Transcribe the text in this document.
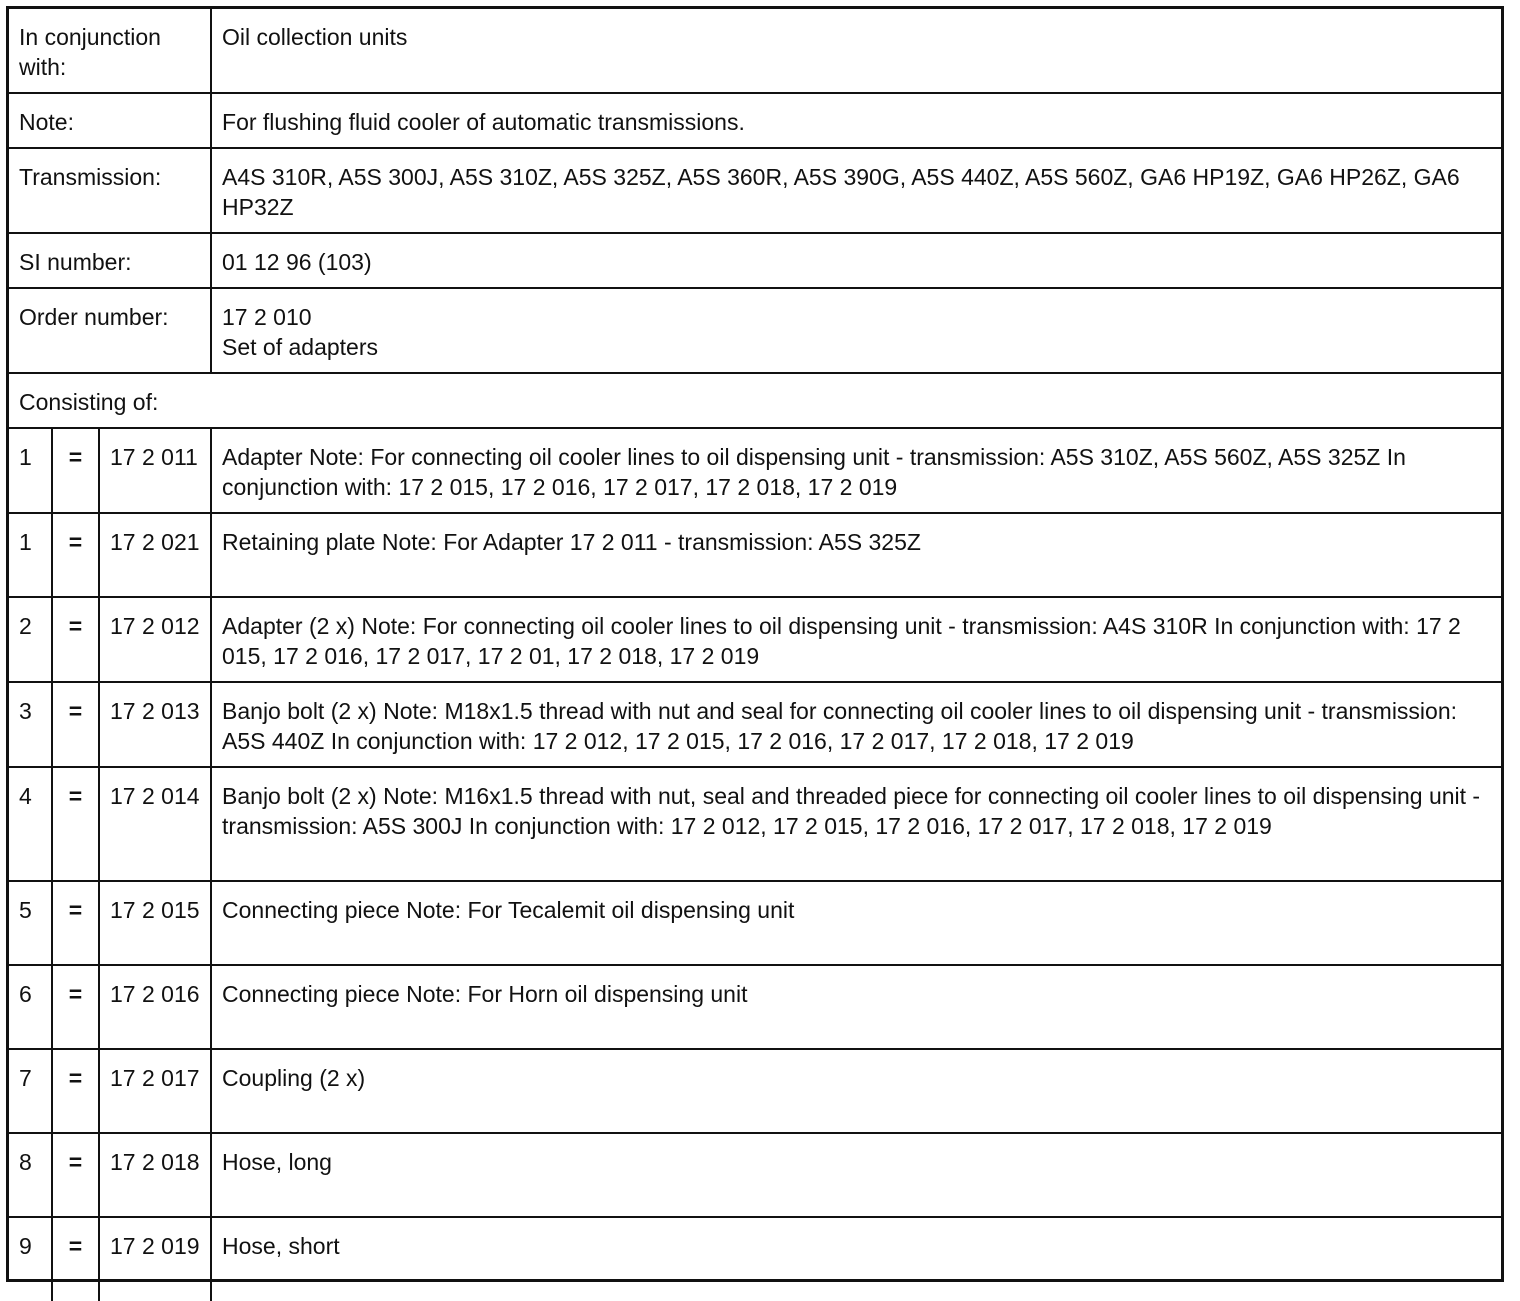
In conjunction with:			Oil collection units
Note:			For flushing fluid cooler of automatic transmissions.
Transmission:			A4S 310R, A5S 300J, A5S 310Z, A5S 325Z, A5S 360R, A5S 390G, A5S 440Z, A5S 560Z, GA6 HP19Z, GA6 HP26Z, GA6 HP32Z
SI number:			01 12 96 (103)
Order number:			17 2 010
Set of adapters

Consisting of:			
1	=	17 2 011	Adapter Note: For connecting oil cooler lines to oil dispensing unit - transmission: A5S 310Z, A5S 560Z, A5S 325Z In conjunction with: 17 2 015, 17 2 016, 17 2 017, 17 2 018, 17 2 019
1	=	17 2 021	Retaining plate Note: For Adapter 17 2 011 - transmission: A5S 325Z
2	=	17 2 012	Adapter (2 x) Note: For connecting oil cooler lines to oil dispensing unit - transmission: A4S 310R In conjunction with: 17 2 015, 17 2 016, 17 2 017, 17 2 01, 17 2 018, 17 2 019
3	=	17 2 013	Banjo bolt (2 x) Note: M18x1.5 thread with nut and seal for connecting oil cooler lines to oil dispensing unit - transmission: A5S 440Z In conjunction with: 17 2 012, 17 2 015, 17 2 016, 17 2 017, 17 2 018, 17 2 019
4	=	17 2 014	Banjo bolt (2 x) Note: M16x1.5 thread with nut, seal and threaded piece for connecting oil cooler lines to oil dispensing unit - transmission: A5S 300J In conjunction with: 17 2 012, 17 2 015, 17 2 016, 17 2 017, 17 2 018, 17 2 019
5	=	17 2 015	Connecting piece Note: For Tecalemit oil dispensing unit
6	=	17 2 016	Connecting piece Note: For Horn oil dispensing unit
7	=	17 2 017	Coupling (2 x)
8	=	17 2 018	Hose, long
9	=	17 2 019	Hose, short
